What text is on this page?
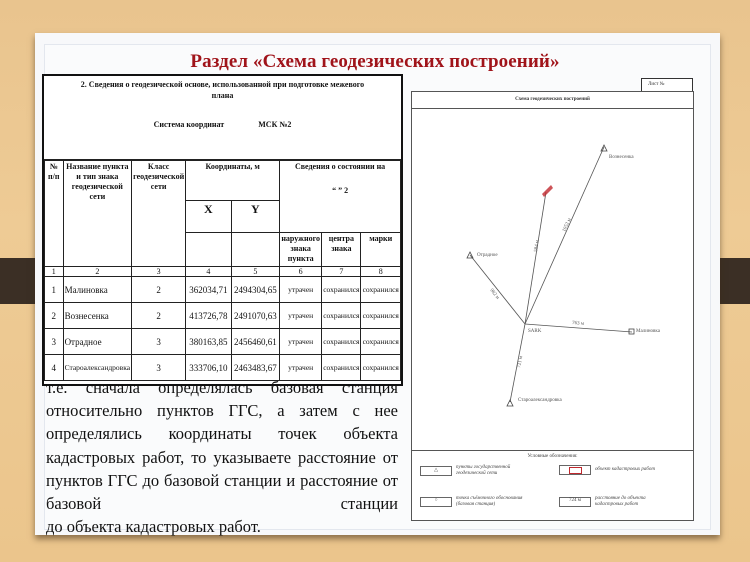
Раздел «Схема геодезических построений»
2. Сведения о геодезической основе, использованной при подготовке межевого
плана
Система координат	МСК №2
№ п/п	Название пункта и тип знака геодезической сети	Класс геодезической сети	Координаты, м		Сведения о состоянии на
“ ” 2		

			X	Y			
					наружного знака пункта	центра знака	марки
1	2	3	4	5	6	7	8
1	Малиновка	2	362034,71	2494304,65	утрачен	сохранился	сохранился
2	Вознесенка	2	413726,78	2491070,63	утрачен	сохранился	сохранился
3	Отрадное	3	380163,85	2456460,61	утрачен	сохранился	сохранился
4	Староалександровка	3	333706,10	2463483,67	утрачен	сохранился	сохранился
т.е. сначала определялась базовая станция относительно пунктов ГГС, а затем с нее определялись координаты точек объекта кадастровых работ, то указываете расстояние от пунктов ГГС до базовой станции и расстояние от базовой станции
до объекта кадастровых работ.
Лист №
Схема геодезических построений
Вознесенка
Отрадное
SARK	Малиновка
Староалександровка
982 м
584 м
1052 м
763 м
721 м
Условные обозначения:
△
пункты государственной геодезической сети
объект кадастровых работ
○	точка съёмочного обоснования (базовая станция)
724 м	расстояние до объекта кадастровых работ
